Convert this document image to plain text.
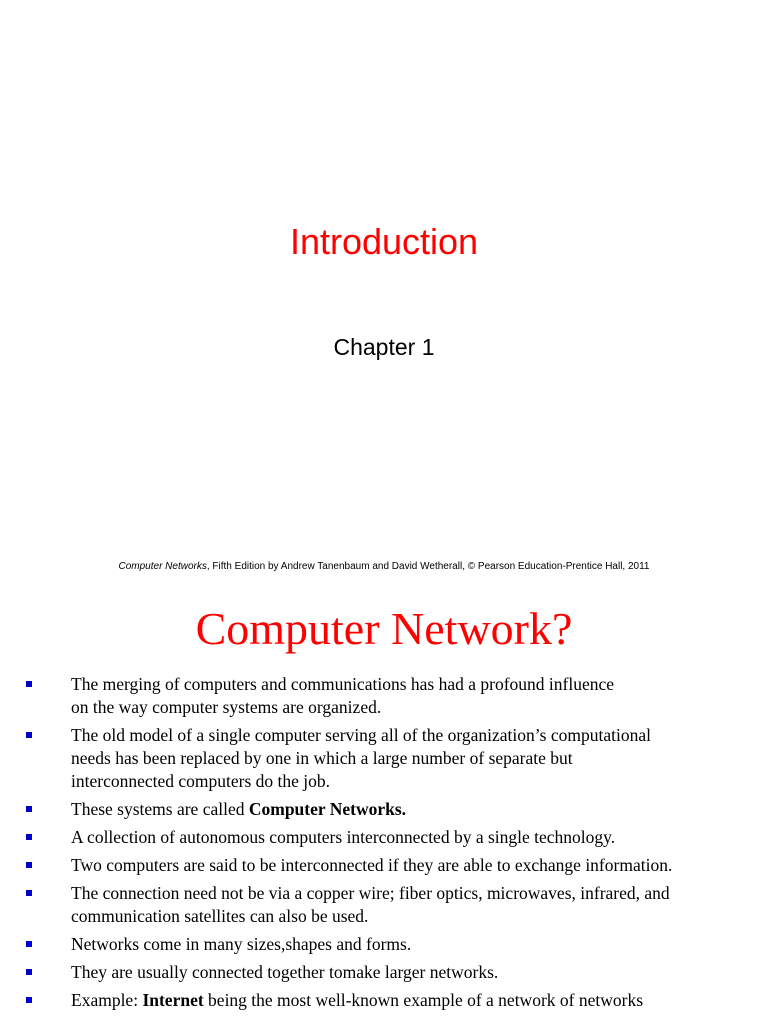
Introduction
Chapter 1
Computer Networks, Fifth Edition by Andrew Tanenbaum and David Wetherall, © Pearson Education-Prentice Hall, 2011
Computer Network?
The merging of computers and communications has had a profound influence
on the way computer systems are organized.
The old model of a single computer serving all of the organization’s computational
needs has been replaced by one in which a large number of separate but
interconnected computers do the job.
These systems are called Computer Networks.
A collection of autonomous computers interconnected by a single technology.
Two computers are said to be interconnected if they are able to exchange information.
The connection need not be via a copper wire; fiber optics, microwaves, infrared, and
communication satellites can also be used.
Networks come in many sizes,shapes and forms.
They are usually connected together tomake larger networks.
Example: Internet being the most well-known example of a network of networks
